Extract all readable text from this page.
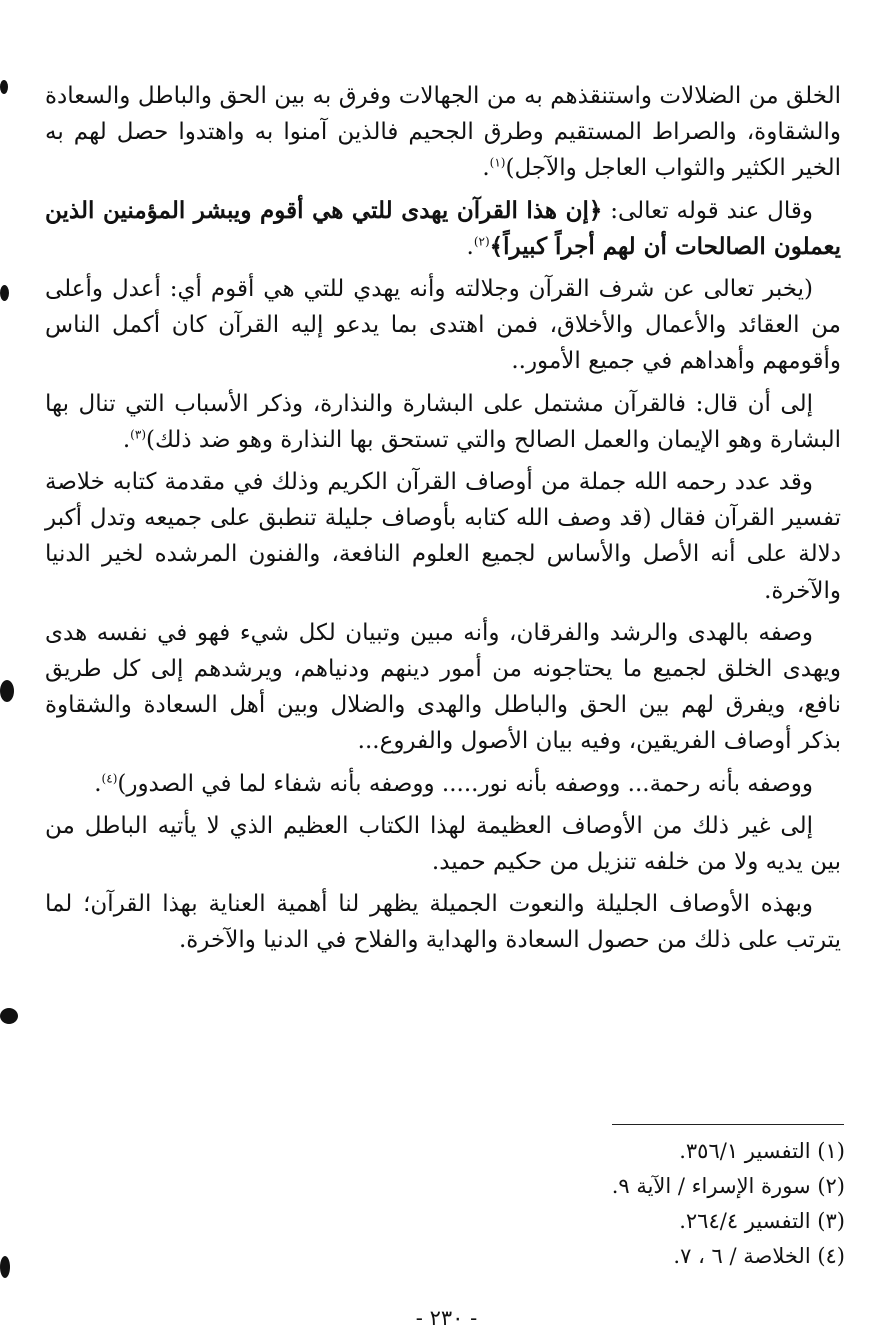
الخلق من الضلالات واستنقذهم به من الجهالات وفرق به بين الحق والباطل والسعادة والشقاوة، والصراط المستقيم وطرق الجحيم فالذين آمنوا به واهتدوا حصل لهم به الخير الكثير والثواب العاجل والآجل)$^{(١)}$.

وقال عند قوله تعالى: ﴿إن هذا القرآن يهدى للتي هي أقوم ويبشر المؤمنين الذين يعملون الصالحات أن لهم أجراً كبيراً﴾$^{(٢)}$.

(يخبر تعالى عن شرف القرآن وجلالته وأنه يهدي للتي هي أقوم أي: أعدل وأعلى من العقائد والأعمال والأخلاق، فمن اهتدى بما يدعو إليه القرآن كان أكمل الناس وأقومهم وأهداهم في جميع الأمور..

إلى أن قال: فالقرآن مشتمل على البشارة والنذارة، وذكر الأسباب التي تنال بها البشارة وهو الإيمان والعمل الصالح والتي تستحق بها النذارة وهو ضد ذلك)$^{(٣)}$.

وقد عدد رحمه الله جملة من أوصاف القرآن الكريم وذلك في مقدمة كتابه خلاصة تفسير القرآن فقال (قد وصف الله كتابه بأوصاف جليلة تنطبق على جميعه وتدل أكبر دلالة على أنه الأصل والأساس لجميع العلوم النافعة، والفنون المرشده لخير الدنيا والآخرة.

وصفه بالهدى والرشد والفرقان، وأنه مبين وتبيان لكل شيء فهو في نفسه هدى ويهدى الخلق لجميع ما يحتاجونه من أمور دينهم ودنياهم، ويرشدهم إلى كل طريق نافع، ويفرق لهم بين الحق والباطل والهدى والضلال وبين أهل السعادة والشقاوة بذكر أوصاف الفريقين، وفيه بيان الأصول والفروع...

ووصفه بأنه رحمة... ووصفه بأنه نور..... ووصفه بأنه شفاء لما في الصدور)$^{(٤)}$.

إلى غير ذلك من الأوصاف العظيمة لهذا الكتاب العظيم الذي لا يأتيه الباطل من بين يديه ولا من خلفه تنزيل من حكيم حميد.

وبهذه الأوصاف الجليلة والنعوت الجميلة يظهر لنا أهمية العناية بهذا القرآن؛ لما يترتب على ذلك من حصول السعادة والهداية والفلاح في الدنيا والآخرة.

(١) التفسير ٣٥٦/١.
(٢) سورة الإسراء / الآية ٩.
(٣) التفسير ٢٦٤/٤.
(٤) الخلاصة / ٦ ، ٧.
- ٢٣٠ -
